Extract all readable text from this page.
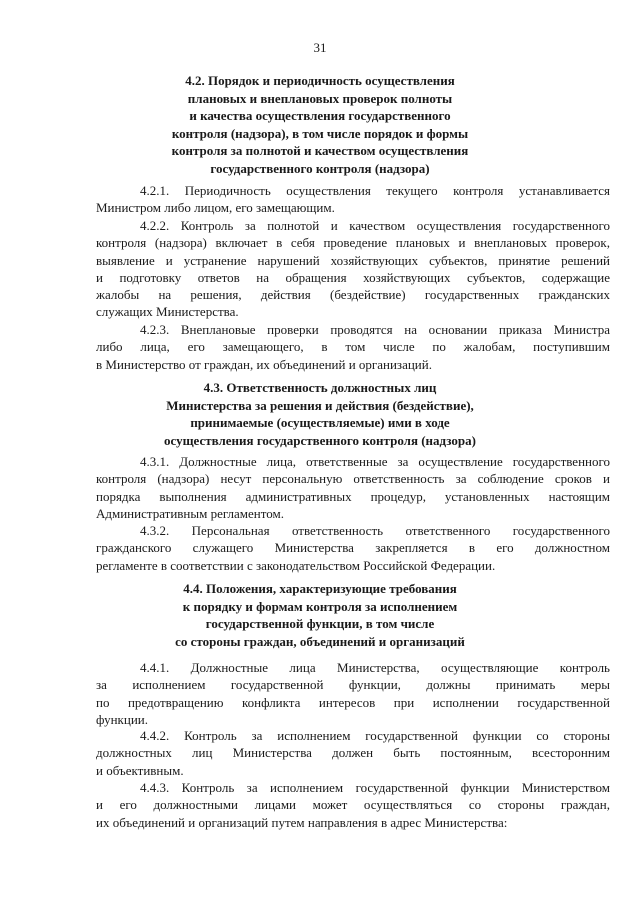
31
4.2. Порядок и периодичность осуществления
плановых и внеплановых проверок полноты
и качества осуществления государственного
контроля (надзора), в том числе порядок и формы
контроля за полнотой и качеством осуществления
государственного контроля (надзора)
4.2.1. Периодичность осуществления текущего контроля устанавливается
Министром либо лицом, его замещающим.
4.2.2. Контроль за полнотой и качеством осуществления государственного
контроля (надзора) включает в себя проведение плановых и внеплановых проверок,
выявление и устранение нарушений хозяйствующих субъектов, принятие решений
и подготовку ответов на обращения хозяйствующих субъектов, содержащие
жалобы на решения, действия (бездействие) государственных гражданских
служащих Министерства.
4.2.3. Внеплановые проверки проводятся на основании приказа Министра
либо лица, его замещающего, в том числе по жалобам, поступившим
в Министерство от граждан, их объединений и организаций.
4.3. Ответственность должностных лиц
Министерства за решения и действия (бездействие),
принимаемые (осуществляемые) ими в ходе
осуществления государственного контроля (надзора)
4.3.1. Должностные лица, ответственные за осуществление государственного
контроля (надзора) несут персональную ответственность за соблюдение сроков и
порядка выполнения административных процедур, установленных настоящим
Административным регламентом.
4.3.2. Персональная ответственность ответственного государственного
гражданского служащего Министерства закрепляется в его должностном
регламенте в соответствии с законодательством Российской Федерации.
4.4. Положения, характеризующие требования
к порядку и формам контроля за исполнением
государственной функции, в том числе
со стороны граждан, объединений и организаций
4.4.1. Должностные лица Министерства, осуществляющие контроль
за исполнением государственной функции, должны принимать меры
по предотвращению конфликта интересов при исполнении государственной
функции.
4.4.2. Контроль за исполнением государственной функции со стороны
должностных лиц Министерства должен быть постоянным, всесторонним
и объективным.
4.4.3. Контроль за исполнением государственной функции Министерством
и его должностными лицами может осуществляться со стороны граждан,
их объединений и организаций путем направления в адрес Министерства:
